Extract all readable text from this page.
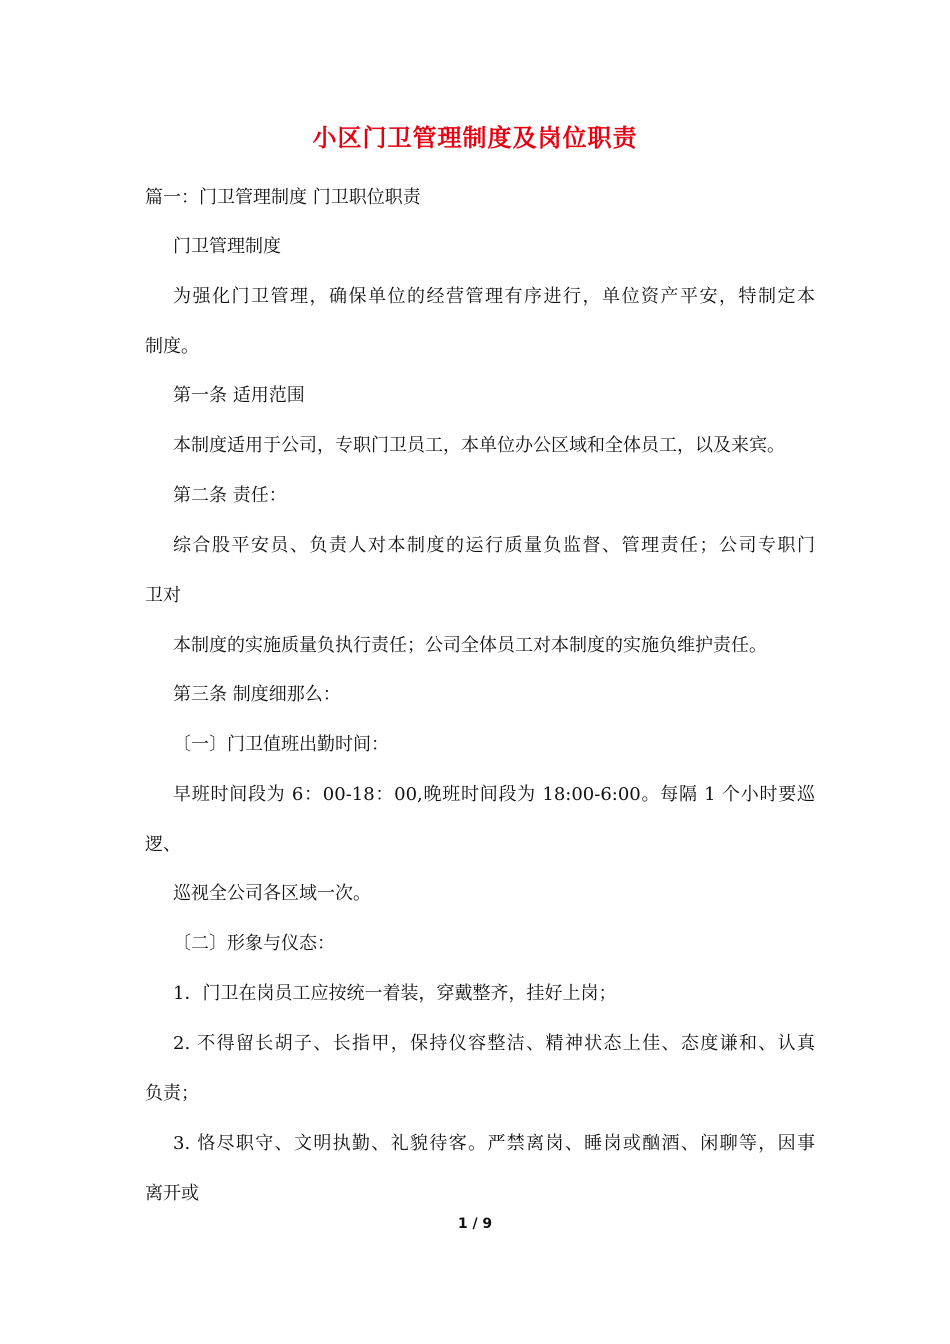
小区门卫管理制度及岗位职责
篇一：门卫管理制度 门卫职位职责
门卫管理制度
为强化门卫管理，确保单位的经营管理有序进行，单位资产平安，特制定本
制度。
第一条 适用范围
本制度适用于公司，专职门卫员工，本单位办公区域和全体员工，以及来宾。
第二条 责任：
综合股平安员、负责人对本制度的运行质量负监督、管理责任；公司专职门
卫对
本制度的实施质量负执行责任；公司全体员工对本制度的实施负维护责任。
第三条 制度细那么：
〔一〕门卫值班出勤时间：
早班时间段为 6：00-18：00,晚班时间段为 18:00-6:00。每隔 1 个小时要巡
逻、
巡视全公司各区域一次。
〔二〕形象与仪态：
1．门卫在岗员工应按统一着装，穿戴整齐，挂好上岗；
2. 不得留长胡子、长指甲，保持仪容整洁、精神状态上佳、态度谦和、认真
负责；
3. 恪尽职守、文明执勤、礼貌待客。严禁离岗、睡岗或酗酒、闲聊等，因事
离开或
1 / 9
